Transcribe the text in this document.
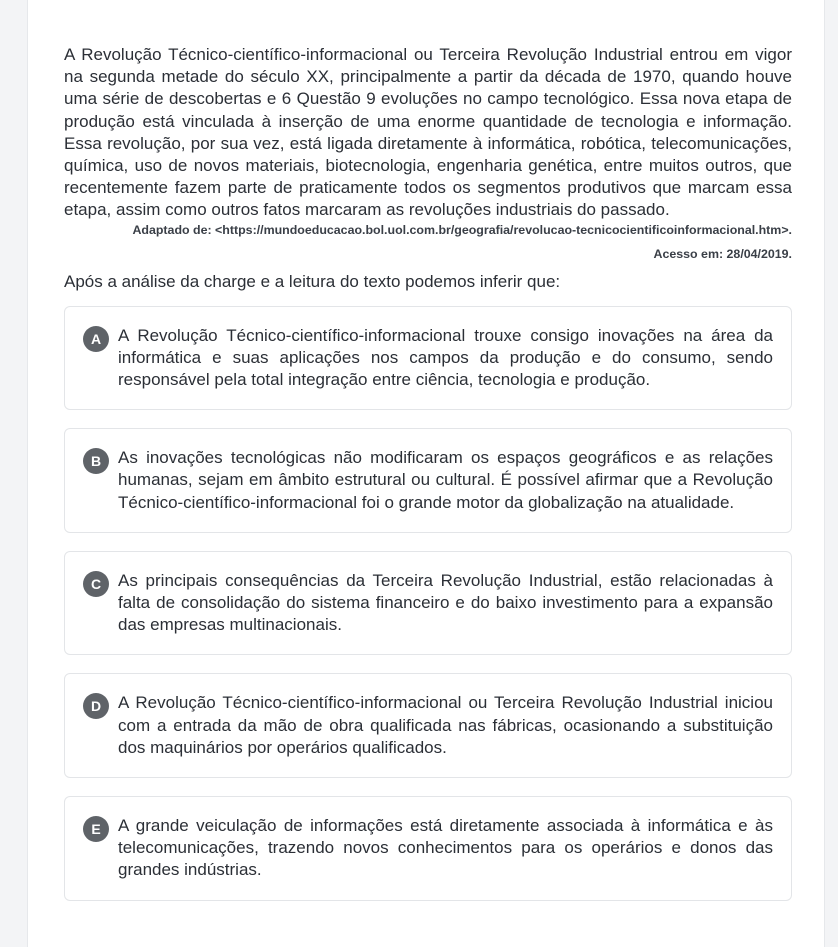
A Revolução Técnico-científico-informacional ou Terceira Revolução Industrial entrou em vigor na segunda metade do século XX, principalmente a partir da década de 1970, quando houve uma série de descobertas e 6 Questão 9 evoluções no campo tecnológico. Essa nova etapa de produção está vinculada à inserção de uma enorme quantidade de tecnologia e informação. Essa revolução, por sua vez, está ligada diretamente à informática, robótica, telecomunicações, química, uso de novos materiais, biotecnologia, engenharia genética, entre muitos outros, que recentemente fazem parte de praticamente todos os segmentos produtivos que marcam essa etapa, assim como outros fatos marcaram as revoluções industriais do passado.

Adaptado de: <https://mundoeducacao.bol.uol.com.br/geografia/revolucao-tecnicocientificoinformacional.htm>.
Acesso em: 28/04/2019.
Após a análise da charge e a leitura do texto podemos inferir que:
A A Revolução Técnico-científico-informacional trouxe consigo inovações na área da informática e suas aplicações nos campos da produção e do consumo, sendo responsável pela total integração entre ciência, tecnologia e produção.
B As inovações tecnológicas não modificaram os espaços geográficos e as relações humanas, sejam em âmbito estrutural ou cultural. É possível afirmar que a Revolução Técnico-científico-informacional foi o grande motor da globalização na atualidade.
C As principais consequências da Terceira Revolução Industrial, estão relacionadas à falta de consolidação do sistema financeiro e do baixo investimento para a expansão das empresas multinacionais.
D A Revolução Técnico-científico-informacional ou Terceira Revolução Industrial iniciou com a entrada da mão de obra qualificada nas fábricas, ocasionando a substituição dos maquinários por operários qualificados.
E	A grande veiculação de informações está diretamente associada à informática e às telecomunicações, trazendo novos conhecimentos para os operários e donos das grandes indústrias.
